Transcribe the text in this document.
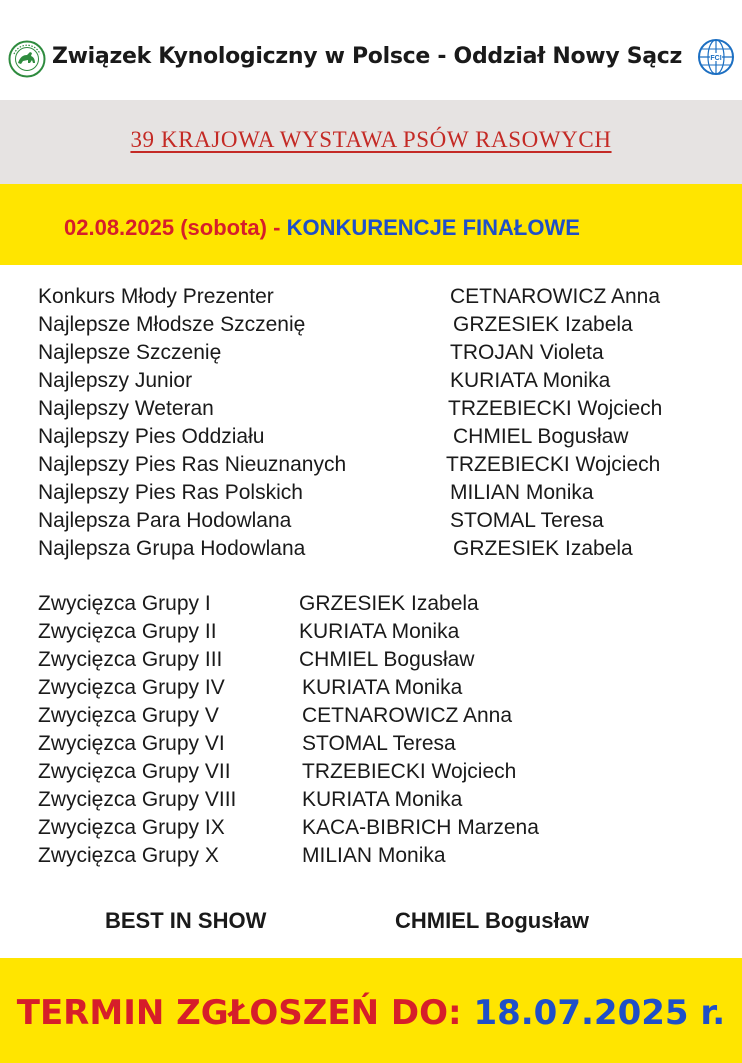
Związek Kynologiczny w Polsce - Oddział Nowy Sącz	FCI
39 KRAJOWA WYSTAWA PSÓW RASOWYCH
02.08.2025 (sobota) - KONKURENCJE FINAŁOWE
Konkurs Młody Prezenter	CETNAROWICZ Anna
Najlepsze Młodsze Szczenię	GRZESIEK Izabela
Najlepsze Szczenię	TROJAN Violeta
Najlepszy Junior	KURIATA Monika
Najlepszy Weteran	TRZEBIECKI Wojciech
Najlepszy Pies Oddziału	CHMIEL Bogusław
Najlepszy Pies Ras Nieuznanych	TRZEBIECKI Wojciech
Najlepszy Pies Ras Polskich	MILIAN Monika
Najlepsza Para Hodowlana	STOMAL Teresa
Najlepsza Grupa Hodowlana	GRZESIEK Izabela
Zwycięzca Grupy I	GRZESIEK Izabela
Zwycięzca Grupy II	KURIATA Monika
Zwycięzca Grupy III	CHMIEL Bogusław
Zwycięzca Grupy IV	KURIATA Monika
Zwycięzca Grupy V	CETNAROWICZ Anna
Zwycięzca Grupy VI	STOMAL Teresa
Zwycięzca Grupy VII	TRZEBIECKI Wojciech
Zwycięzca Grupy VIII	KURIATA Monika
Zwycięzca Grupy IX	KACA-BIBRICH Marzena
Zwycięzca Grupy X	MILIAN Monika
BEST IN SHOW	CHMIEL Bogusław
TERMIN ZGŁOSZEŃ DO: 18.07.2025 r.
